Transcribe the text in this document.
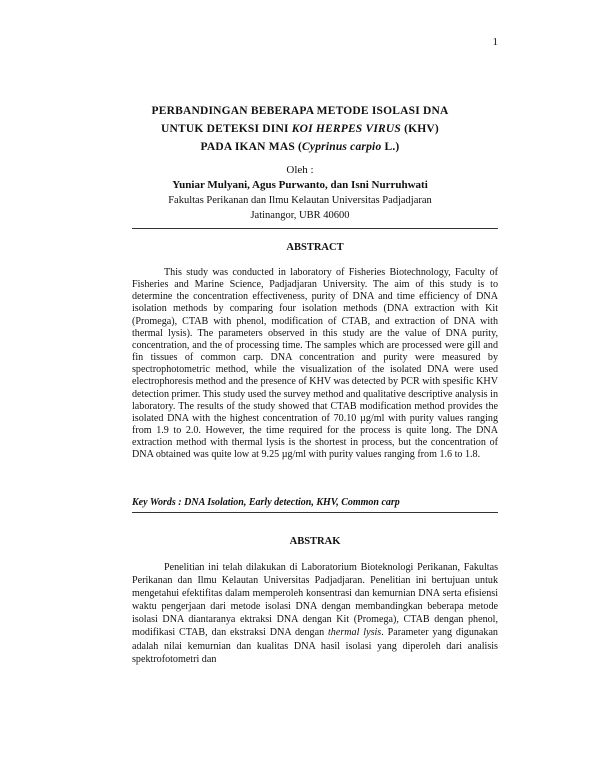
1
PERBANDINGAN BEBERAPA METODE ISOLASI DNA
UNTUK DETEKSI DINI KOI HERPES VIRUS (KHV)
PADA IKAN MAS (Cyprinus carpio L.)
Oleh :
Yuniar Mulyani, Agus Purwanto, dan Isni Nurruhwati
Fakultas Perikanan dan Ilmu Kelautan Universitas Padjadjaran
Jatinangor, UBR 40600
ABSTRACT
This study was conducted in laboratory of Fisheries Biotechnology, Faculty of Fisheries and Marine Science, Padjadjaran University. The aim of this study is to determine the concentration effectiveness, purity of DNA and time efficiency of DNA isolation methods by comparing four isolation methods (DNA extraction with Kit (Promega), CTAB with phenol, modification of CTAB, and extraction of DNA with thermal lysis). The parameters observed in this study are the value of DNA purity, concentration, and the of processing time. The samples which are processed were gill and fin tissues of common carp. DNA concentration and purity were measured by spectrophotometric method, while the visualization of the isolated DNA were used electrophoresis method and the presence of KHV was detected by PCR with spesific KHV detection primer. This study used the survey method and qualitative descriptive analysis in laboratory. The results of the study showed that CTAB modification method provides the isolated DNA with the highest concentration of 70.10 µg/ml with purity values ranging from 1.9 to 2.0. However, the time required for the process is quite long. The DNA extraction method with thermal lysis is the shortest in process, but the concentration of DNA obtained was quite low at 9.25 µg/ml with purity values ranging from 1.6 to 1.8.
Key Words : DNA Isolation, Early detection, KHV, Common carp
ABSTRAK
Penelitian ini telah dilakukan di Laboratorium Bioteknologi Perikanan, Fakultas Perikanan dan Ilmu Kelautan Universitas Padjadjaran. Penelitian ini bertujuan untuk mengetahui efektifitas dalam memperoleh konsentrasi dan kemurnian DNA serta efisiensi waktu pengerjaan dari metode isolasi DNA dengan membandingkan beberapa metode isolasi DNA diantaranya ektraksi DNA dengan Kit (Promega), CTAB dengan phenol, modifikasi CTAB, dan ekstraksi DNA dengan thermal lysis. Parameter yang digunakan adalah nilai kemurnian dan kualitas DNA hasil isolasi yang diperoleh dari analisis spektrofotometri dan
